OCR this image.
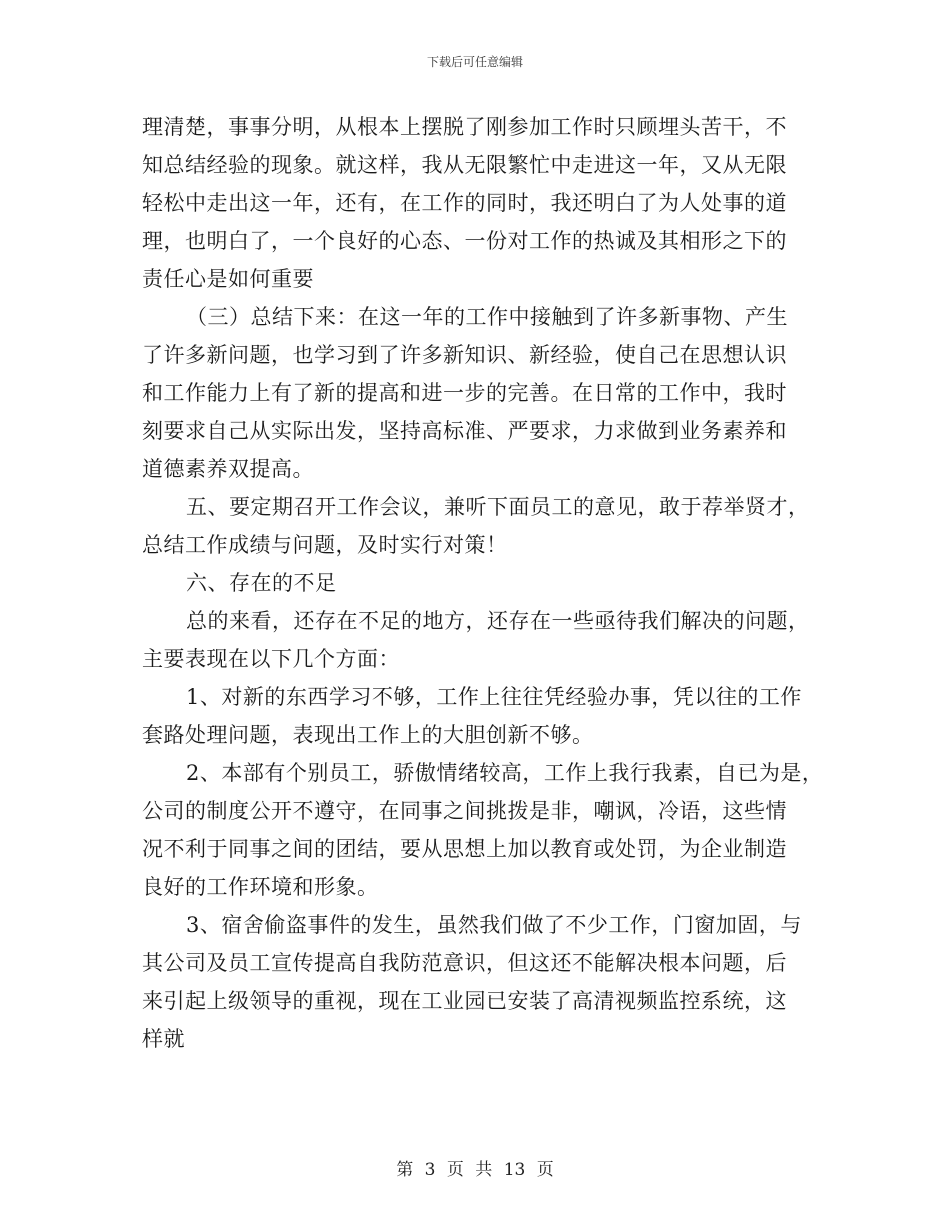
下载后可任意编辑
理清楚，事事分明，从根本上摆脱了刚参加工作时只顾埋头苦干，不
知总结经验的现象。就这样，我从无限繁忙中走进这一年，又从无限
轻松中走出这一年，还有，在工作的同时，我还明白了为人处事的道
理，也明白了，一个良好的心态、一份对工作的热诚及其相形之下的
责任心是如何重要
（三）总结下来：在这一年的工作中接触到了许多新事物、产生
了许多新问题，也学习到了许多新知识、新经验，使自己在思想认识
和工作能力上有了新的提高和进一步的完善。在日常的工作中，我时
刻要求自己从实际出发，坚持高标准、严要求，力求做到业务素养和
道德素养双提高。
五、要定期召开工作会议，兼听下面员工的意见，敢于荐举贤才，
总结工作成绩与问题，及时实行对策！
六、存在的不足
总的来看，还存在不足的地方，还存在一些亟待我们解决的问题，
主要表现在以下几个方面：
1、对新的东西学习不够，工作上往往凭经验办事，凭以往的工作
套路处理问题，表现出工作上的大胆创新不够。
2、本部有个别员工，骄傲情绪较高，工作上我行我素，自已为是，
公司的制度公开不遵守，在同事之间挑拨是非，嘲讽，冷语，这些情
况不利于同事之间的团结，要从思想上加以教育或处罚，为企业制造
良好的工作环境和形象。
3、宿舍偷盗事件的发生，虽然我们做了不少工作，门窗加固，与
其公司及员工宣传提高自我防范意识，但这还不能解决根本问题，后
来引起上级领导的重视，现在工业园已安装了高清视频监控系统，这
样就
第 3 页 共 13 页
